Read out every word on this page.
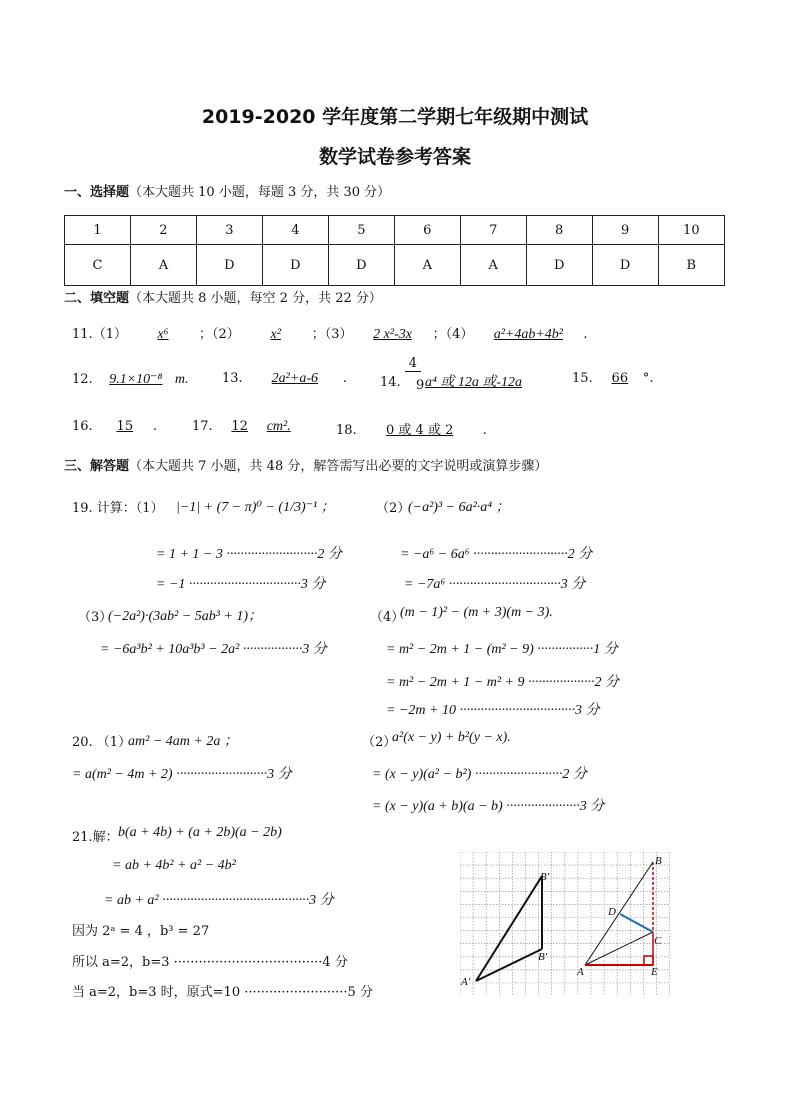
2019-2020 学年度第二学期七年级期中测试
数学试卷参考答案
一、选择题（本大题共 10 小题，每题 3 分，共 30 分）
1	2	3	4	5	6	7	8	9	10
C	A	D	D	D	A	A	D	D	B
二、填空题（本大题共 8 小题，每空 2 分，共 22 分）
11.（1） x⁶ ；（2） x² ；（3） 2 x²-3x ；（4） a²+4ab+4b² .
12. 9.1×10⁻⁸ m.	13. 2a²+a-6 .	14.
4
a⁴ 或 12a 或-12a
9	15. 66 °.
16. 15 .	17. 12 cm².	18. 0 或 4 或 2 .
三、解答题（本大题共 7 小题，共 48 分，解答需写出必要的文字说明或演算步骤）
19. 计算：（1） |−1| + (7 − π)⁰ − (1/3)⁻¹ ；	（2）
(−a²)³ − 6a²·a⁴ ；
= 1 + 1 − 3 ··························2 分
= −1 ································3 分
= −a⁶ − 6a⁶ ···························2 分
= −7a⁶ ································3 分
（3）
(−2a²)·(3ab² − 5ab³ + 1)；
= −6a³b² + 10a³b³ − 2a² ·················3 分
（4）
(m − 1)² − (m + 3)(m − 3).
= m² − 2m + 1 − (m² − 9) ················1 分
= m² − 2m + 1 − m² + 9 ···················2 分
= −2m + 10 ·································3 分
20. （1）
am² − 4am + 2a ；
= a(m² − 4m + 2) ··························3 分
（2）
a²(x − y) + b²(y − x).
= (x − y)(a² − b²) ·························2 分
= (x − y)(a + b)(a − b) ·····················3 分
21.解： b(a + 4b) + (a + 2b)(a − 2b)
= ab + 4b² + a² − 4b²
= ab + a² ··········································3 分
因为 2ᵃ = 4 ，b³ = 27
所以 a=2，b=3 ····································4 分
当 a=2，b=3 时，原式=10 ·························5 分
B
B′
D
C
B′
A	E
A′
